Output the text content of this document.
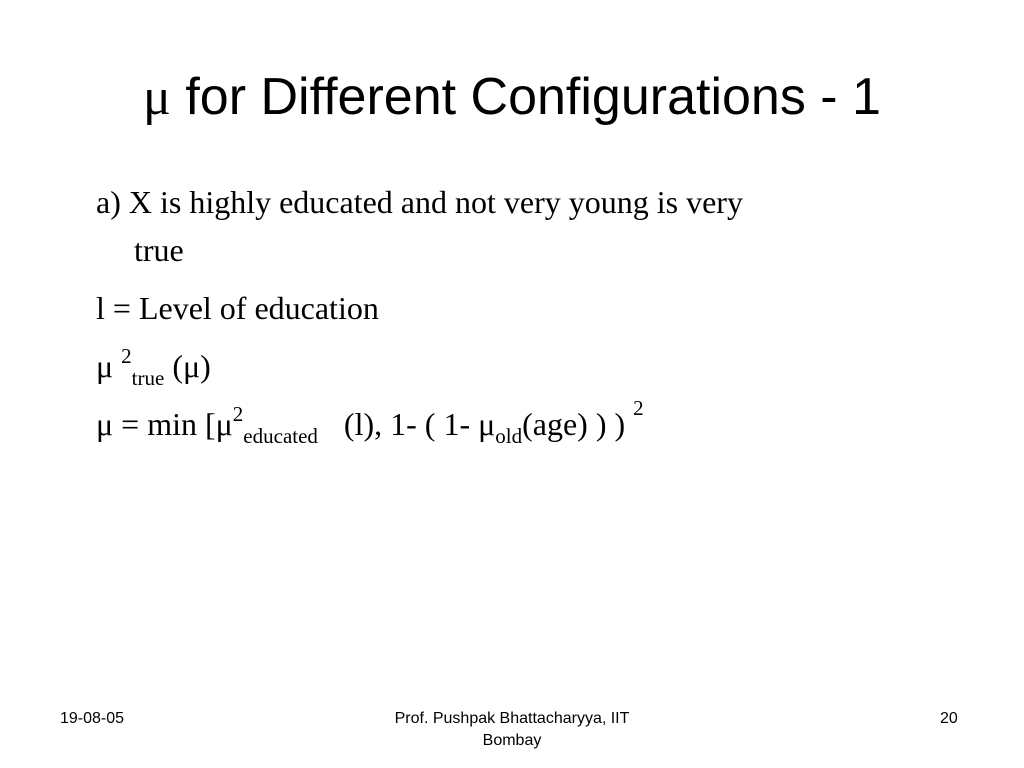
μ for Different Configurations - 1
a) X is highly educated and not very young is very
true
l = Level of education
μ $^2_{true}$ (μ)
$\mu = \min [\mu^2_{educated}$ (l), 1- ( 1- $\mu_{old}(age)$ ) ) $^2$
19-08-05	Prof. Pushpak Bhattacharyya, IIT
Bombay
20
